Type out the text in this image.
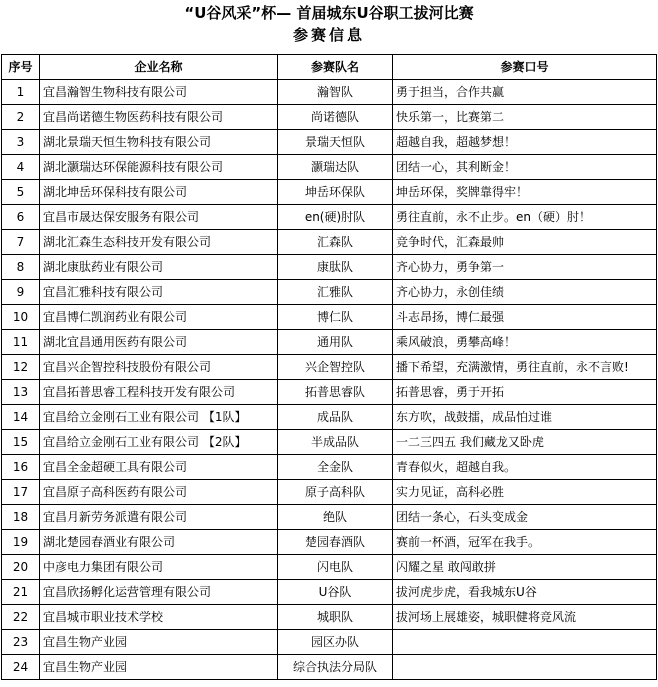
“U谷风采”杯— 首届城东U谷职工拔河比赛
参赛信息
序号	企业名称	参赛队名	参赛口号
1	宜昌瀚智生物科技有限公司	瀚智队	勇于担当，合作共赢
2	宜昌尚诺德生物医药科技有限公司	尚诺德队	快乐第一，比赛第二
3	湖北景瑞天恒生物科技有限公司	景瑞天恒队	超越自我，超越梦想！
4	湖北灏瑞达环保能源科技有限公司	灏瑞达队	团结一心，其利断金！
5	湖北坤岳环保科技有限公司	坤岳环保队	坤岳环保，奖牌靠得牢！
6	宜昌市晟达保安服务有限公司	en(硬)肘队	勇往直前，永不止步。en（硬）肘！
7	湖北汇森生态科技开发有限公司	汇森队	竞争时代，汇森最帅
8	湖北康肽药业有限公司	康肽队	齐心协力，勇争第一
9	宜昌汇雅科技有限公司	汇雅队	齐心协力，永创佳绩
10	宜昌博仁凯润药业有限公司	博仁队	斗志昂扬，博仁最强
11	湖北宜昌通用医药有限公司	通用队	乘风破浪，勇攀高峰！
12	宜昌兴企智控科技股份有限公司	兴企智控队	播下希望，充满激情，勇往直前，永不言败!
13	宜昌拓普思睿工程科技开发有限公司	拓普思睿队	拓普思睿，勇于开拓
14	宜昌给立金刚石工业有限公司 【1队】	成品队	东方吹，战鼓擂，成品怕过谁
15	宜昌给立金刚石工业有限公司 【2队】	半成品队	一二三四五 我们藏龙又卧虎
16	宜昌全金超硬工具有限公司	全金队	青春似火，超越自我。
17	宜昌原子高科医药有限公司	原子高科队	实力见证，高科必胜
18	宜昌月新劳务派遣有限公司	绝队	团结一条心，石头变成金
19	湖北楚园春酒业有限公司	楚园春酒队	赛前一杯酒，冠军在我手。
20	中彦电力集团有限公司	闪电队	闪耀之星 敢闯敢拼
21	宜昌欣扬孵化运营管理有限公司	U谷队	拔河虎步虎，看我城东U谷
22	宜昌城市职业技术学校	城职队	拔河场上展雄姿，城职健将竞风流
23	宜昌生物产业园	园区办队	
24	宜昌生物产业园	综合执法分局队	
